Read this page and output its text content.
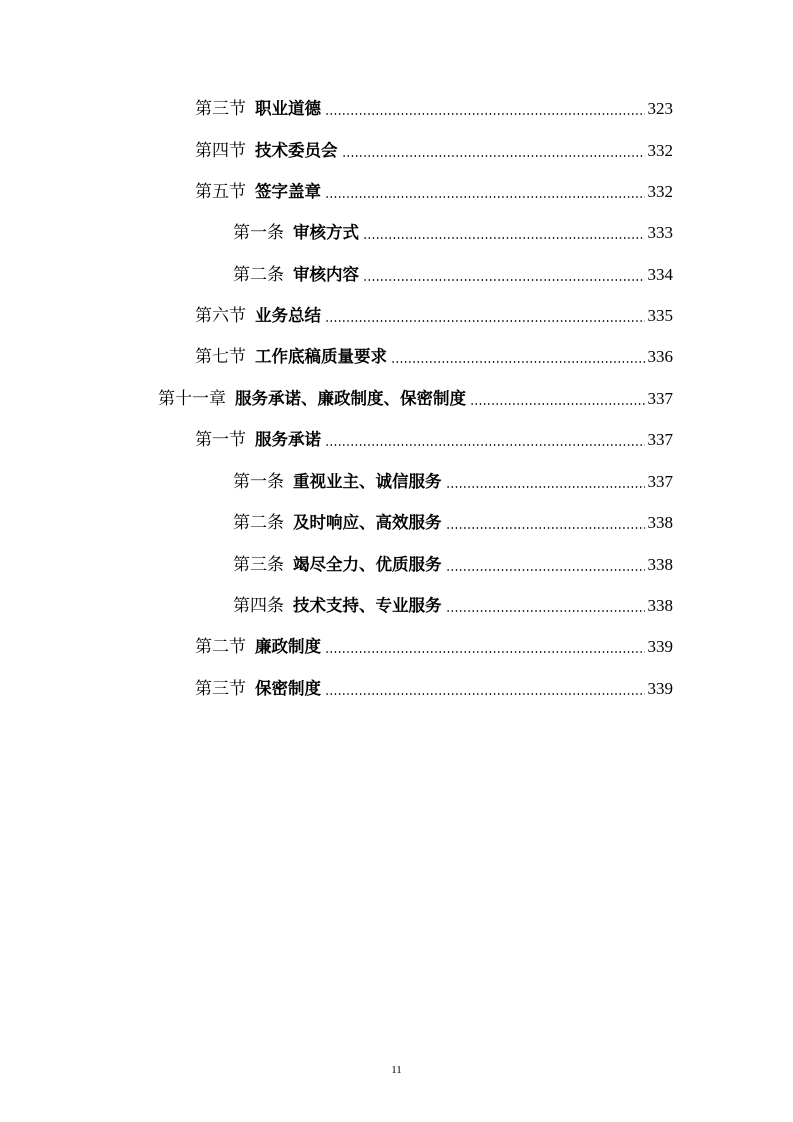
第三节 职业道德	323
第四节 技术委员会	332
第五节 签字盖章	332
第一条 审核方式	333
第二条 审核内容	334
第六节 业务总结	335
第七节 工作底稿质量要求	336
第十一章 服务承诺、廉政制度、保密制度	337
第一节 服务承诺	337
第一条 重视业主、诚信服务	337
第二条 及时响应、高效服务	338
第三条 竭尽全力、优质服务	338
第四条 技术支持、专业服务	338
第二节 廉政制度	339
第三节 保密制度	339
11
